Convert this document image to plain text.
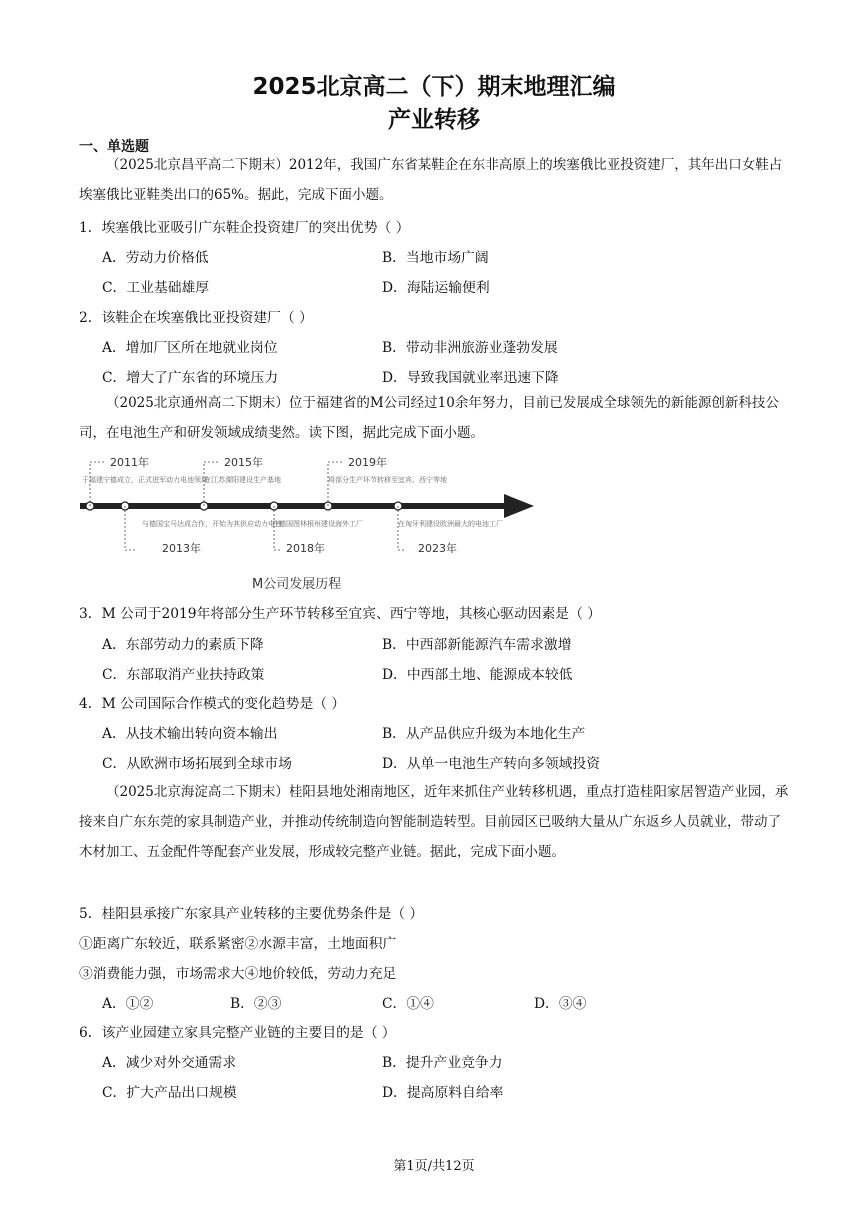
2025北京高二（下）期末地理汇编
产业转移
一、单选题

（2025北京昌平高二下期末）2012年，我国广东省某鞋企在东非高原上的埃塞俄比亚投资建厂，其年出口女鞋占埃塞俄比亚鞋类出口的65%。据此，完成下面小题。

1．埃塞俄比亚吸引广东鞋企投资建厂的突出优势（ ）
A．劳动力价格低	B．当地市场广阔
C．工业基础雄厚	D．海陆运输便利
2．该鞋企在埃塞俄比亚投资建厂（ ）
A．增加厂区所在地就业岗位	B．带动非洲旅游业蓬勃发展
C．增大了广东省的环境压力	D．导致我国就业率迅速下降

（2025北京通州高二下期末）位于福建省的M公司经过10余年努力，目前已发展成全球领先的新能源创新科技公司，在电池生产和研发领域成绩斐然。读下图，据此完成下面小题。

2011年	2015年	2019年
2013年	2018年	2023年
于福建宁德成立，正式进军动力电池领域
与德国宝马达成合作，开始为其供应动力电池
在江苏溧阳建设生产基地
在德国图林根州建设海外工厂
将部分生产环节转移至宜宾、西宁等地
在匈牙利建设欧洲最大的电池工厂
M公司发展历程
3．M 公司于2019年将部分生产环节转移至宜宾、西宁等地，其核心驱动因素是（ ）
A．东部劳动力的素质下降	B．中西部新能源汽车需求激增
C．东部取消产业扶持政策	D．中西部土地、能源成本较低
4．M 公司国际合作模式的变化趋势是（ ）
A．从技术输出转向资本输出	B．从产品供应升级为本地化生产
C．从欧洲市场拓展到全球市场	D．从单一电池生产转向多领域投资

（2025北京海淀高二下期末）桂阳县地处湘南地区，近年来抓住产业转移机遇，重点打造桂阳家居智造产业园，承接来自广东东莞的家具制造产业，并推动传统制造向智能制造转型。目前园区已吸纳大量从广东返乡人员就业，带动了木材加工、五金配件等配套产业发展，形成较完整产业链。据此，完成下面小题。

5．桂阳县承接广东家具产业转移的主要优势条件是（ ）
①距离广东较近，联系紧密②水源丰富，土地面积广
③消费能力强，市场需求大④地价较低，劳动力充足
A．①②	B．②③	C．①④	D．③④
6．该产业园建立家具完整产业链的主要目的是（ ）
A．减少对外交通需求	B．提升产业竞争力
C．扩大产品出口规模	D．提高原料自给率
第1页/共12页
